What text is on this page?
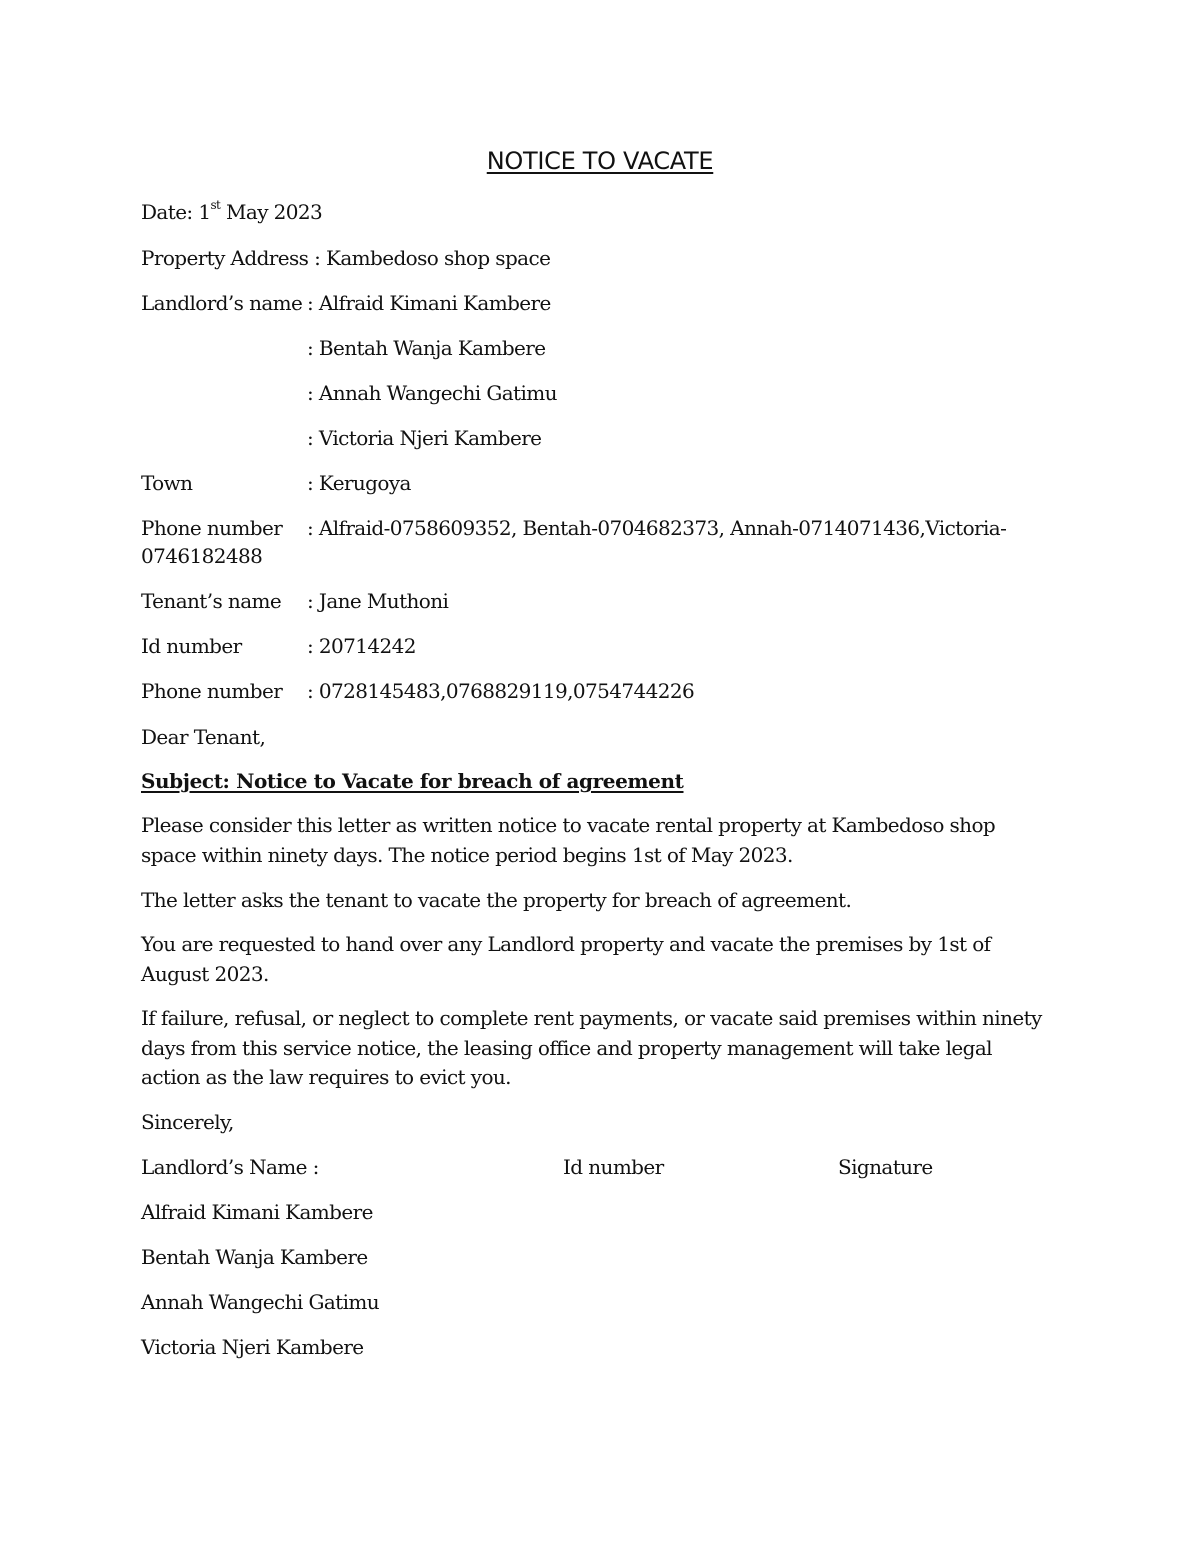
NOTICE TO VACATE
Date: 1st May 2023
Property Address : Kambedoso shop space
Landlord’s name : Alfraid Kimani Kambere
: Bentah Wanja Kambere
: Annah Wangechi Gatimu
: Victoria Njeri Kambere
Town	: Kerugoya
Phone number : Alfraid-0758609352, Bentah-0704682373, Annah-0714071436,Victoria-
0746182488
Tenant’s name : Jane Muthoni
Id number	: 20714242
Phone number : 0728145483,0768829119,0754744226
Dear Tenant,
Subject: Notice to Vacate for breach of agreement
Please consider this letter as written notice to vacate rental property at Kambedoso shop space within ninety days. The notice period begins 1st of May 2023.
The letter asks the tenant to vacate the property for breach of agreement.
You are requested to hand over any Landlord property and vacate the premises by 1st of August 2023.
If failure, refusal, or neglect to complete rent payments, or vacate said premises within ninety days from this service notice, the leasing office and property management will take legal action as the law requires to evict you.
Sincerely,
Landlord’s Name :	Id number	Signature
Alfraid Kimani Kambere
Bentah Wanja Kambere
Annah Wangechi Gatimu
Victoria Njeri Kambere
